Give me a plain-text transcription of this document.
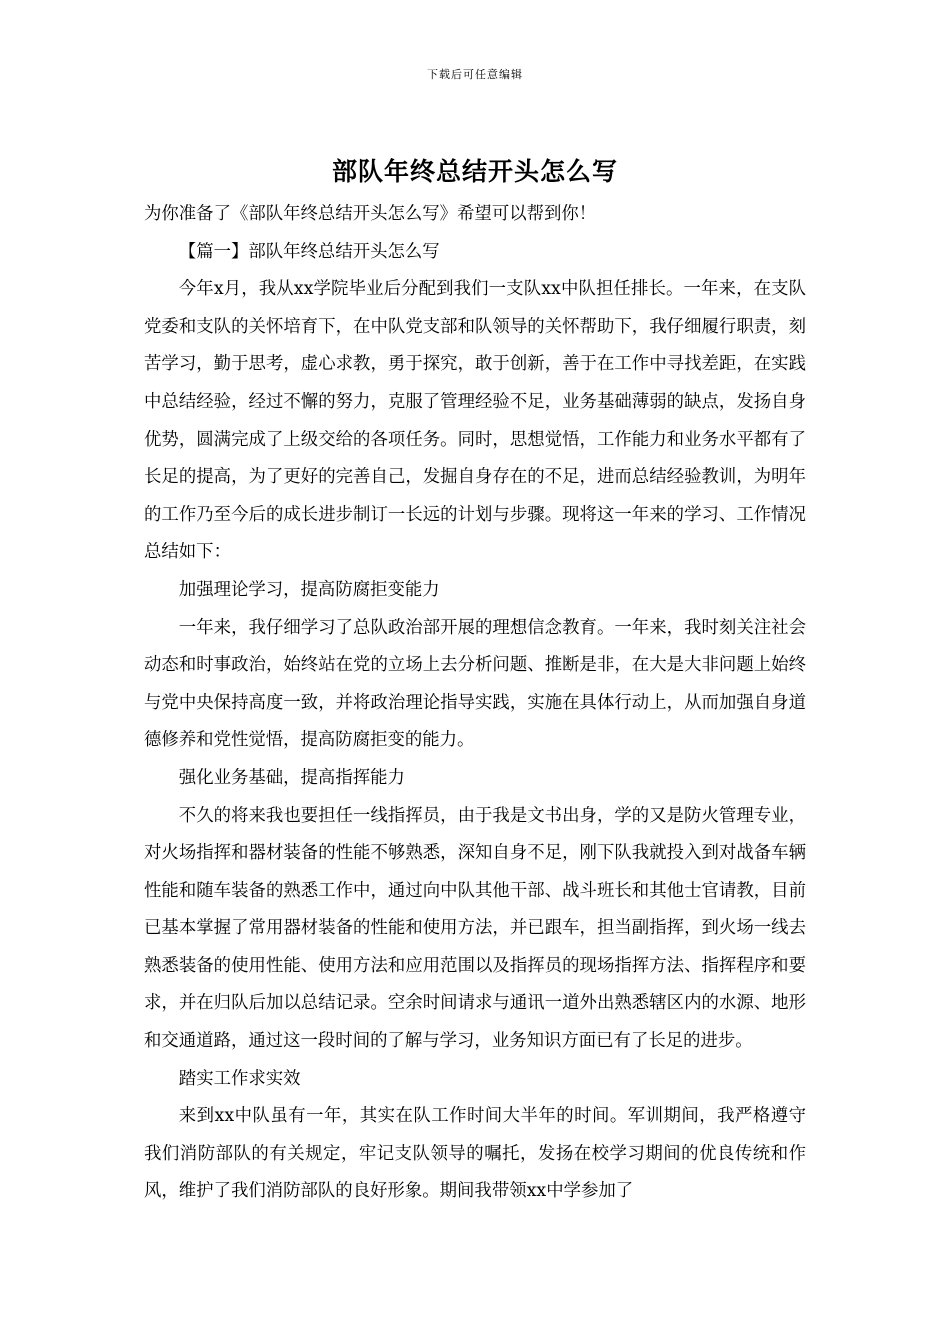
下载后可任意编辑
部队年终总结开头怎么写

为你准备了《部队年终总结开头怎么写》希望可以帮到你！

【篇一】部队年终总结开头怎么写

今年x月，我从xx学院毕业后分配到我们一支队xx中队担任排长。一年来，在支队党委和支队的关怀培育下，在中队党支部和队领导的关怀帮助下，我仔细履行职责，刻苦学习，勤于思考，虚心求教，勇于探究，敢于创新，善于在工作中寻找差距，在实践中总结经验，经过不懈的努力，克服了管理经验不足，业务基础薄弱的缺点，发扬自身优势，圆满完成了上级交给的各项任务。同时，思想觉悟，工作能力和业务水平都有了长足的提高，为了更好的完善自己，发掘自身存在的不足，进而总结经验教训，为明年的工作乃至今后的成长进步制订一长远的计划与步骤。现将这一年来的学习、工作情况总结如下：

加强理论学习，提高防腐拒变能力

一年来，我仔细学习了总队政治部开展的理想信念教育。一年来，我时刻关注社会动态和时事政治，始终站在党的立场上去分析问题、推断是非，在大是大非问题上始终与党中央保持高度一致，并将政治理论指导实践，实施在具体行动上，从而加强自身道德修养和党性觉悟，提高防腐拒变的能力。

强化业务基础，提高指挥能力

不久的将来我也要担任一线指挥员，由于我是文书出身，学的又是防火管理专业，对火场指挥和器材装备的性能不够熟悉，深知自身不足，刚下队我就投入到对战备车辆性能和随车装备的熟悉工作中，通过向中队其他干部、战斗班长和其他士官请教，目前已基本掌握了常用器材装备的性能和使用方法，并已跟车，担当副指挥，到火场一线去熟悉装备的使用性能、使用方法和应用范围以及指挥员的现场指挥方法、指挥程序和要求，并在归队后加以总结记录。空余时间请求与通讯一道外出熟悉辖区内的水源、地形和交通道路，通过这一段时间的了解与学习，业务知识方面已有了长足的进步。

踏实工作求实效

来到xx中队虽有一年，其实在队工作时间大半年的时间。军训期间，我严格遵守我们消防部队的有关规定，牢记支队领导的嘱托，发扬在校学习期间的优良传统和作风，维护了我们消防部队的良好形象。期间我带领xx中学参加了
